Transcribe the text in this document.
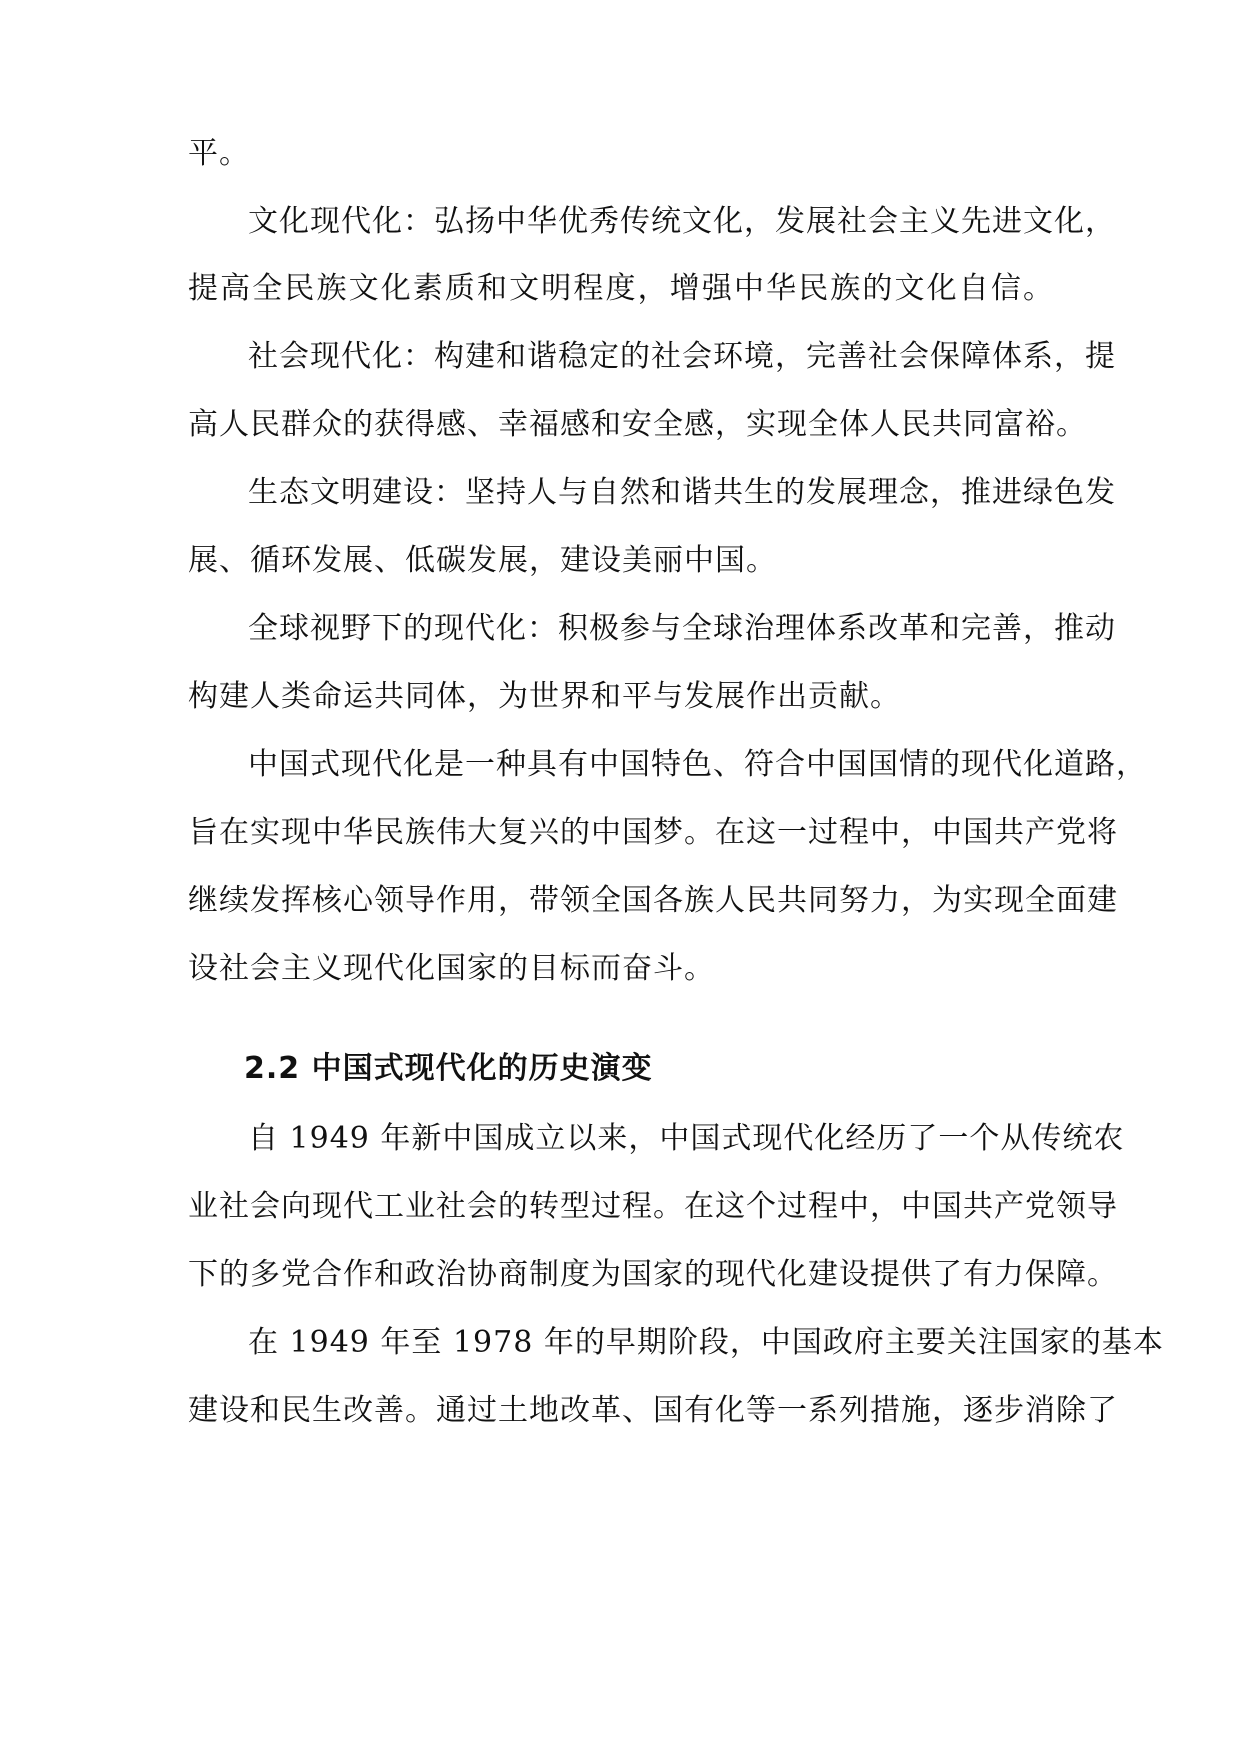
平。
文化现代化：弘扬中华优秀传统文化，发展社会主义先进文化，
提高全民族文化素质和文明程度，增强中华民族的文化自信。
社会现代化：构建和谐稳定的社会环境，完善社会保障体系，提
高人民群众的获得感、幸福感和安全感，实现全体人民共同富裕。
生态文明建设：坚持人与自然和谐共生的发展理念，推进绿色发
展、循环发展、低碳发展，建设美丽中国。
全球视野下的现代化：积极参与全球治理体系改革和完善，推动
构建人类命运共同体，为世界和平与发展作出贡献。
中国式现代化是一种具有中国特色、符合中国国情的现代化道路，
旨在实现中华民族伟大复兴的中国梦。在这一过程中，中国共产党将
继续发挥核心领导作用，带领全国各族人民共同努力，为实现全面建
设社会主义现代化国家的目标而奋斗。
2.2 中国式现代化的历史演变
自 1949 年新中国成立以来，中国式现代化经历了一个从传统农
业社会向现代工业社会的转型过程。在这个过程中，中国共产党领导
下的多党合作和政治协商制度为国家的现代化建设提供了有力保障。
在 1949 年至 1978 年的早期阶段，中国政府主要关注国家的基本
建设和民生改善。通过土地改革、国有化等一系列措施，逐步消除了
